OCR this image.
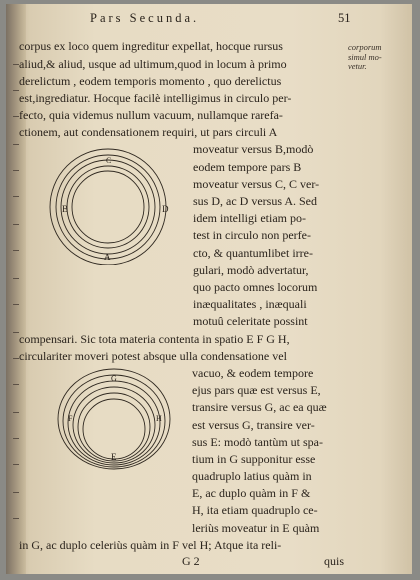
Pars Secunda.	51
corporum
simul mo-
vetur.
corpus ex loco quem ingreditur expellat, hocque rursus
aliud,& aliud, usque ad ultimum,quod in locum à primo
derelictum , eodem temporis momento , quo derelictus
est,ingrediatur. Hocque facilè intelligimus in circulo per-
fecto, quia videmus nullum vacuum, nullamque rarefa-
ctionem, aut condensationem requiri, ut pars circuli A
C
B	D
A
moveatur versus B,modò
eodem tempore pars B
moveatur versus C, C ver-
sus D, ac D versus A. Sed
idem intelligi etiam po-
test in circulo non perfe-
cto, & quantumlibet irre-
gulari, modò advertatur,
quo pacto omnes locorum
inæqualitates , inæquali
motuû celeritate possint
compensari. Sic tota materia contenta in spatio E F G H,
circulariter moveri potest absque ulla condensatione vel
G
F	H
E
vacuo, & eodem tempore
ejus pars quæ est versus E,
transire versus G, ac ea quæ
est versus G, transire ver-
sus E: modò tantùm ut spa-
tium in G supponitur esse
quadruplo latius quàm in
E, ac duplo quàm in F &
H, ita etiam quadruplo ce-
leriùs moveatur in E quàm
in G, ac duplo celeriùs quàm in F vel H; Atque ita reli-
G 2	quis
